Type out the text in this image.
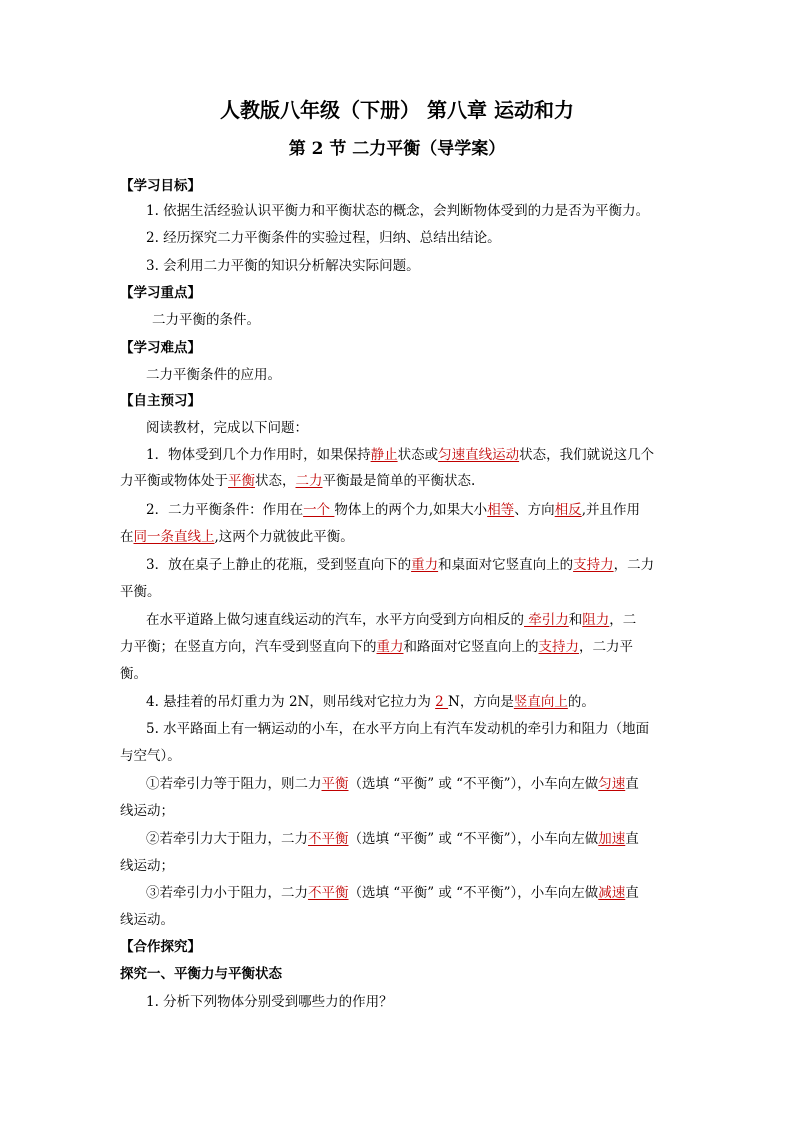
人教版八年级（下册） 第八章 运动和力
第 2 节 二力平衡（导学案）
【学习目标】
1. 依据生活经验认识平衡力和平衡状态的概念，会判断物体受到的力是否为平衡力。
2. 经历探究二力平衡条件的实验过程，归纳、总结出结论。
3. 会利用二力平衡的知识分析解决实际问题。
【学习重点】
二力平衡的条件。
【学习难点】
二力平衡条件的应用。
【自主预习】
阅读教材，完成以下问题：
1．物体受到几个力作用时，如果保持静止状态或匀速直线运动状态，我们就说这几个
力平衡或物体处于平衡状态，二力平衡最是简单的平衡状态.
2．二力平衡条件：作用在一个 物体上的两个力,如果大小相等、方向相反,并且作用
在同一条直线上,这两个力就彼此平衡。
3．放在桌子上静止的花瓶，受到竖直向下的重力和桌面对它竖直向上的支持力，二力
平衡。
在水平道路上做匀速直线运动的汽车，水平方向受到方向相反的 牵引力和阻力，二
力平衡；在竖直方向，汽车受到竖直向下的重力和路面对它竖直向上的支持力，二力平
衡。
4. 悬挂着的吊灯重力为 2N，则吊线对它拉力为 2 N，方向是竖直向上的。
5. 水平路面上有一辆运动的小车，在水平方向上有汽车发动机的牵引力和阻力（地面
与空气）。
①若牵引力等于阻力，则二力平衡（选填 “平衡” 或 “不平衡”），小车向左做匀速直
线运动；
②若牵引力大于阻力，二力不平衡（选填 “平衡” 或 “不平衡”），小车向左做加速直
线运动；
③若牵引力小于阻力，二力不平衡（选填 “平衡” 或 “不平衡”），小车向左做减速直
线运动。
【合作探究】
探究一、平衡力与平衡状态
1. 分析下列物体分别受到哪些力的作用？
